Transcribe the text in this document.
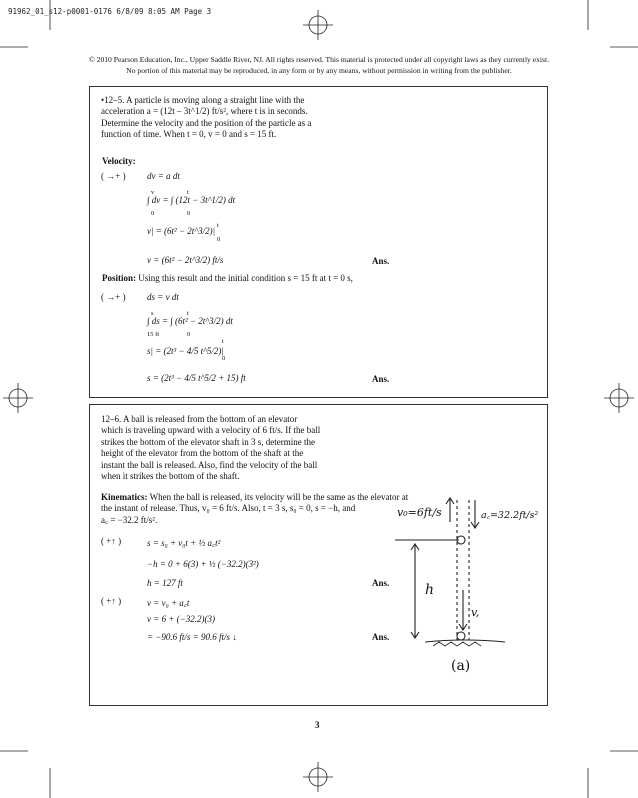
91962_01_s12-p0001-0176 6/8/09 8:05 AM Page 3
© 2010 Pearson Education, Inc., Upper Saddle River, NJ. All rights reserved. This material is protected under all copyright laws as they currently exist. No portion of this material may be reproduced, in any form or by any means, without permission in writing from the publisher.
•12–5. A particle is moving along a straight line with the
acceleration a = (12t – 3t^1/2) ft/s², where t is in seconds.
Determine the velocity and the position of the particle as a
function of time. When t = 0, v = 0 and s = 15 ft.
Velocity:
( →+ ) dv = a dt
∫ dv = ∫ (12t − 3t^1/2) dt
0
v
0
t
v| = (6t² − 2t^3/2)|
t
0
v = (6t² − 2t^3/2) ft/s	Ans.
Position: Using this result and the initial condition s = 15 ft at t = 0 s,
( →+ ) ds = v dt
∫ ds = ∫ (6t² − 2t^3/2) dt
s
15 ft
t
0
s| = (2t³ − 4/5 t^5/2)|
t
0
s = (2t³ − 4/5 t^5/2 + 15) ft	Ans.
12–6. A ball is released from the bottom of an elevator
which is traveling upward with a velocity of 6 ft/s. If the ball
strikes the bottom of the elevator shaft in 3 s, determine the
height of the elevator from the bottom of the shaft at the
instant the ball is released. Also, find the velocity of the ball
when it strikes the bottom of the shaft.
Kinematics: When the ball is released, its velocity will be the same as the elevator at
the instant of release. Thus, v₀ = 6 ft/s. Also, t = 3 s, s₀ = 0, s = −h, and
a꜀ = −32.2 ft/s².
( +↑ )	s = s₀ + v₀t + ½ a꜀t²
−h = 0 + 6(3) + ½ (−32.2)(3²)
h = 127 ft	Ans.
( +↑ )	v = v₀ + a꜀t
v = 6 + (−32.2)(3)
= −90.6 ft/s = 90.6 ft/s ↓	Ans.
v₀=6ft/s	a꜀=32.2ft/s²
h
v,
(a)
3
